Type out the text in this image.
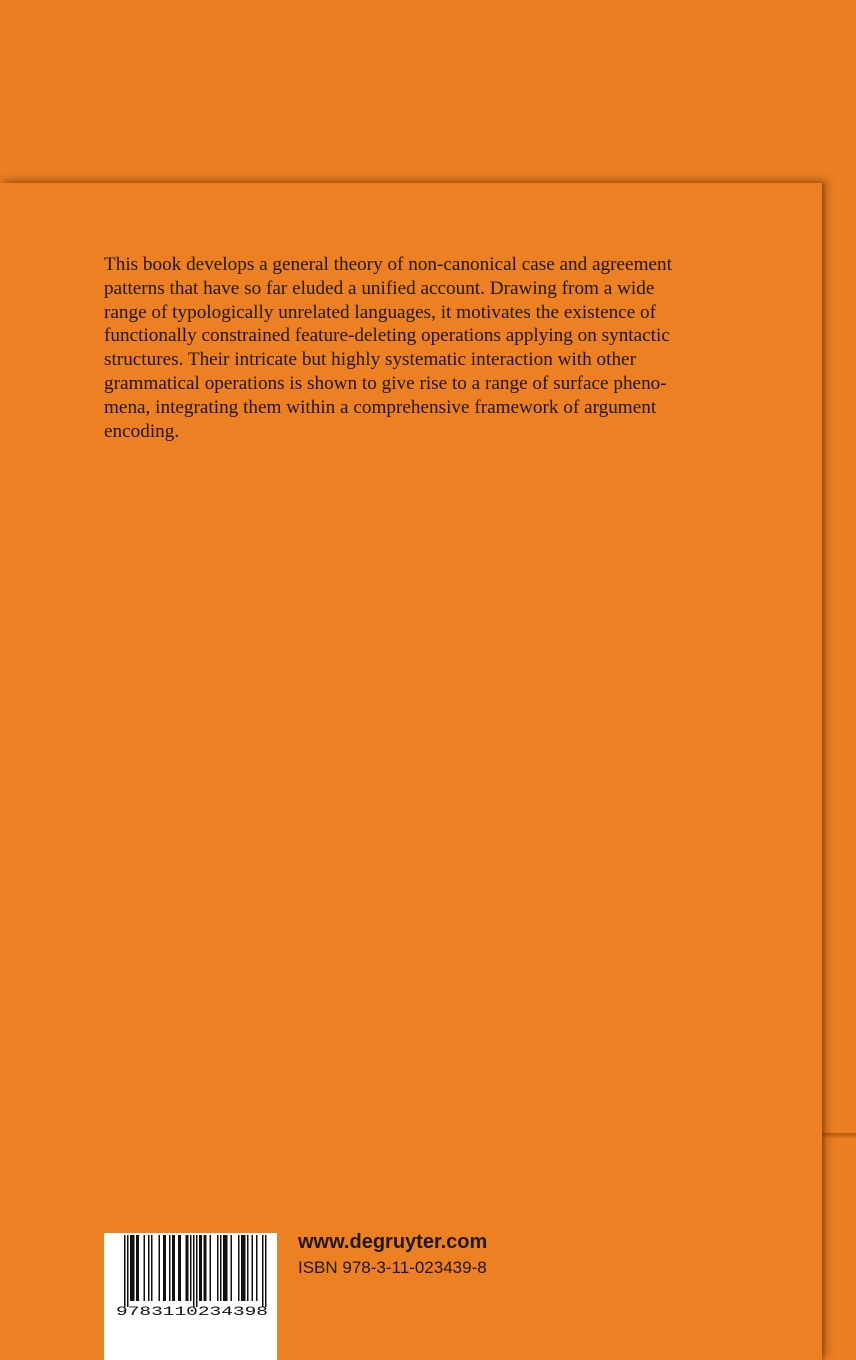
This book develops a general theory of non-canonical case and agreement
patterns that have so far eluded a unified account. Drawing from a wide
range of typologically unrelated languages, it motivates the existence of
functionally constrained feature-deleting operations applying on syntactic
structures. Their intricate but highly systematic interaction with other
grammatical operations is shown to give rise to a range of surface pheno-
mena, integrating them within a comprehensive framework of argument
encoding.

9783110234398
www.degruyter.com
ISBN 978-3-11-023439-8
